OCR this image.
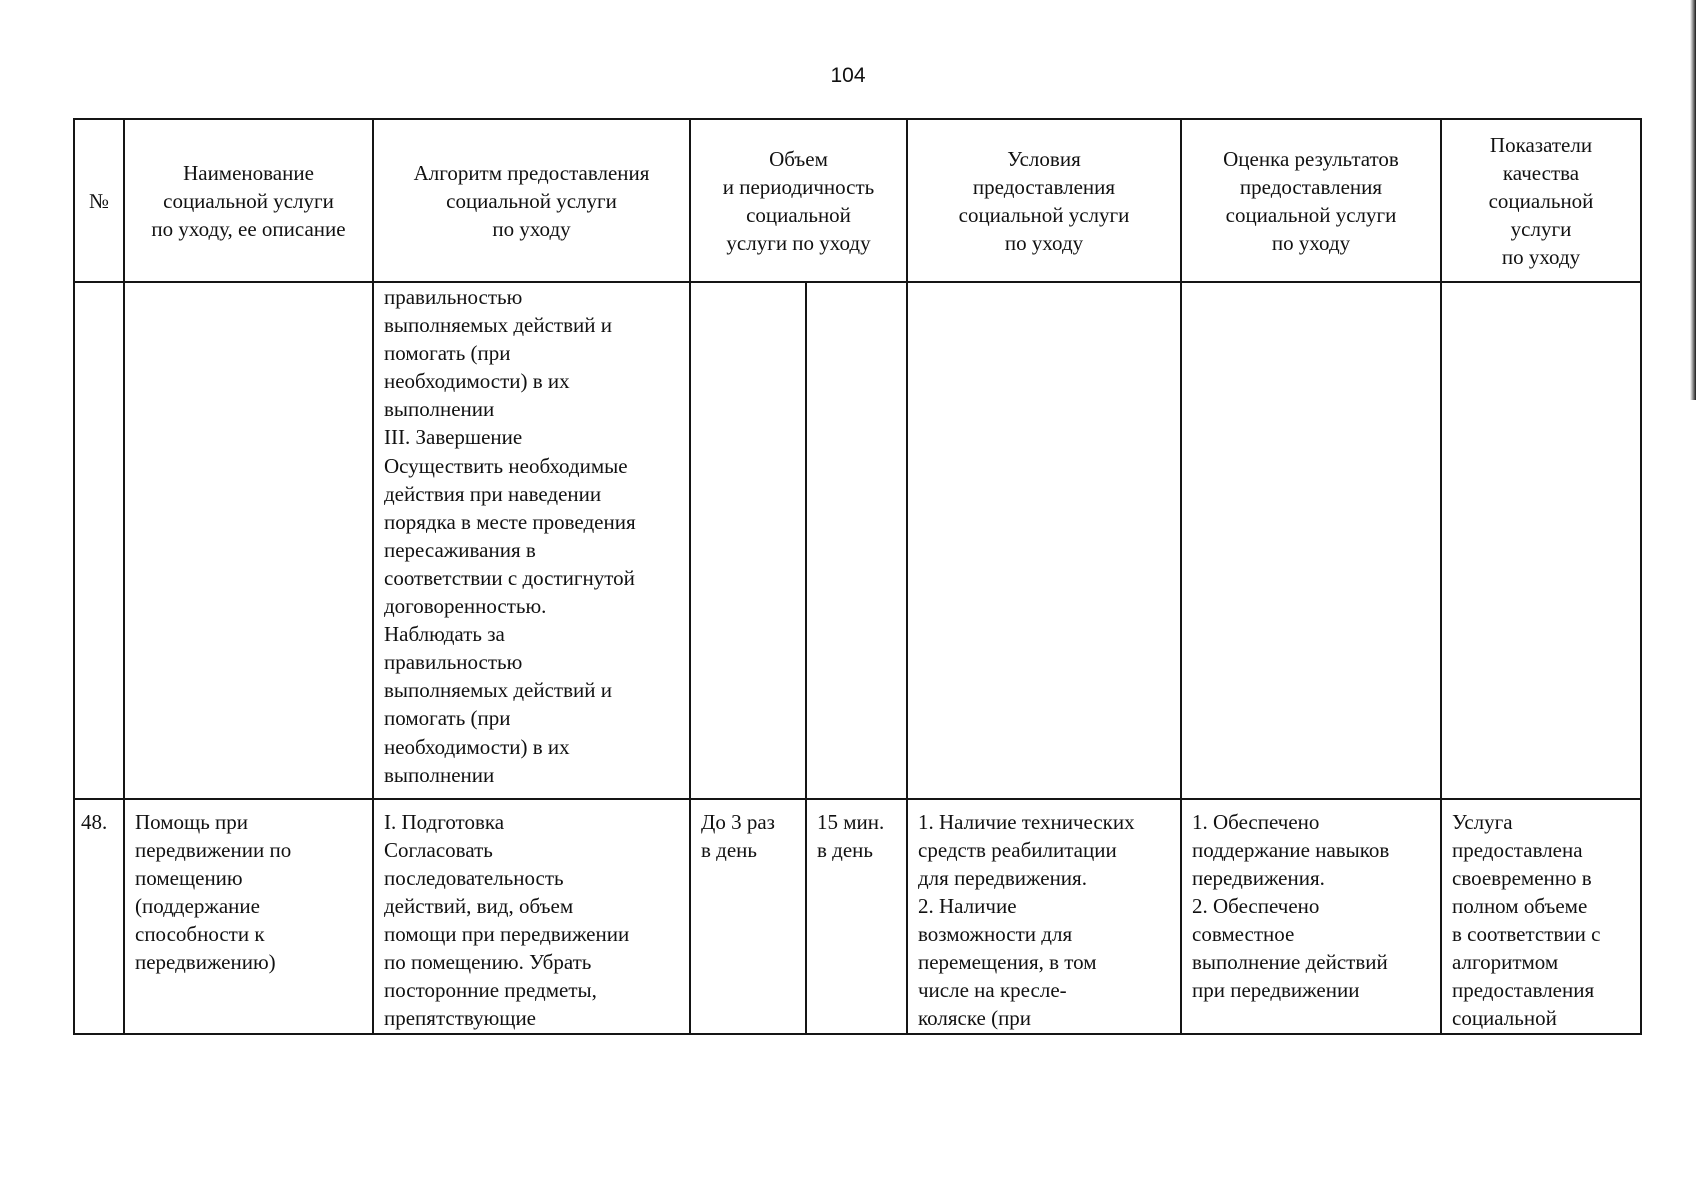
104
№
Наименование
социальной услуги
по уходу, ее описание
Алгоритм предоставления
социальной услуги
по уходу
Объем
и периодичность
социальной
услуги по уходу
Условия
предоставления
социальной услуги
по уходу
Оценка результатов
предоставления
социальной услуги
по уходу
Показатели
качества
социальной
услуги
по уходу
правильностью
выполняемых действий и
помогать (при
необходимости) в их
выполнении
III. Завершение
Осуществить необходимые
действия при наведении
порядка в месте проведения
пересаживания в
соответствии с достигнутой
договоренностью.
Наблюдать за
правильностью
выполняемых действий и
помогать (при
необходимости) в их
выполнении
48.	Помощь при
передвижении по
помещению
(поддержание
способности к
передвижению)
I. Подготовка
Согласовать
последовательность
действий, вид, объем
помощи при передвижении
по помещению. Убрать
посторонние предметы,
препятствующие
До 3 раз
в день
15 мин.
в день
1. Наличие технических
средств реабилитации
для передвижения.
2. Наличие
возможности для
перемещения, в том
числе на кресле-
коляске (при
1. Обеспечено
поддержание навыков
передвижения.
2. Обеспечено
совместное
выполнение действий
при передвижении
Услуга
предоставлена
своевременно в
полном объеме
в соответствии с
алгоритмом
предоставления
социальной
